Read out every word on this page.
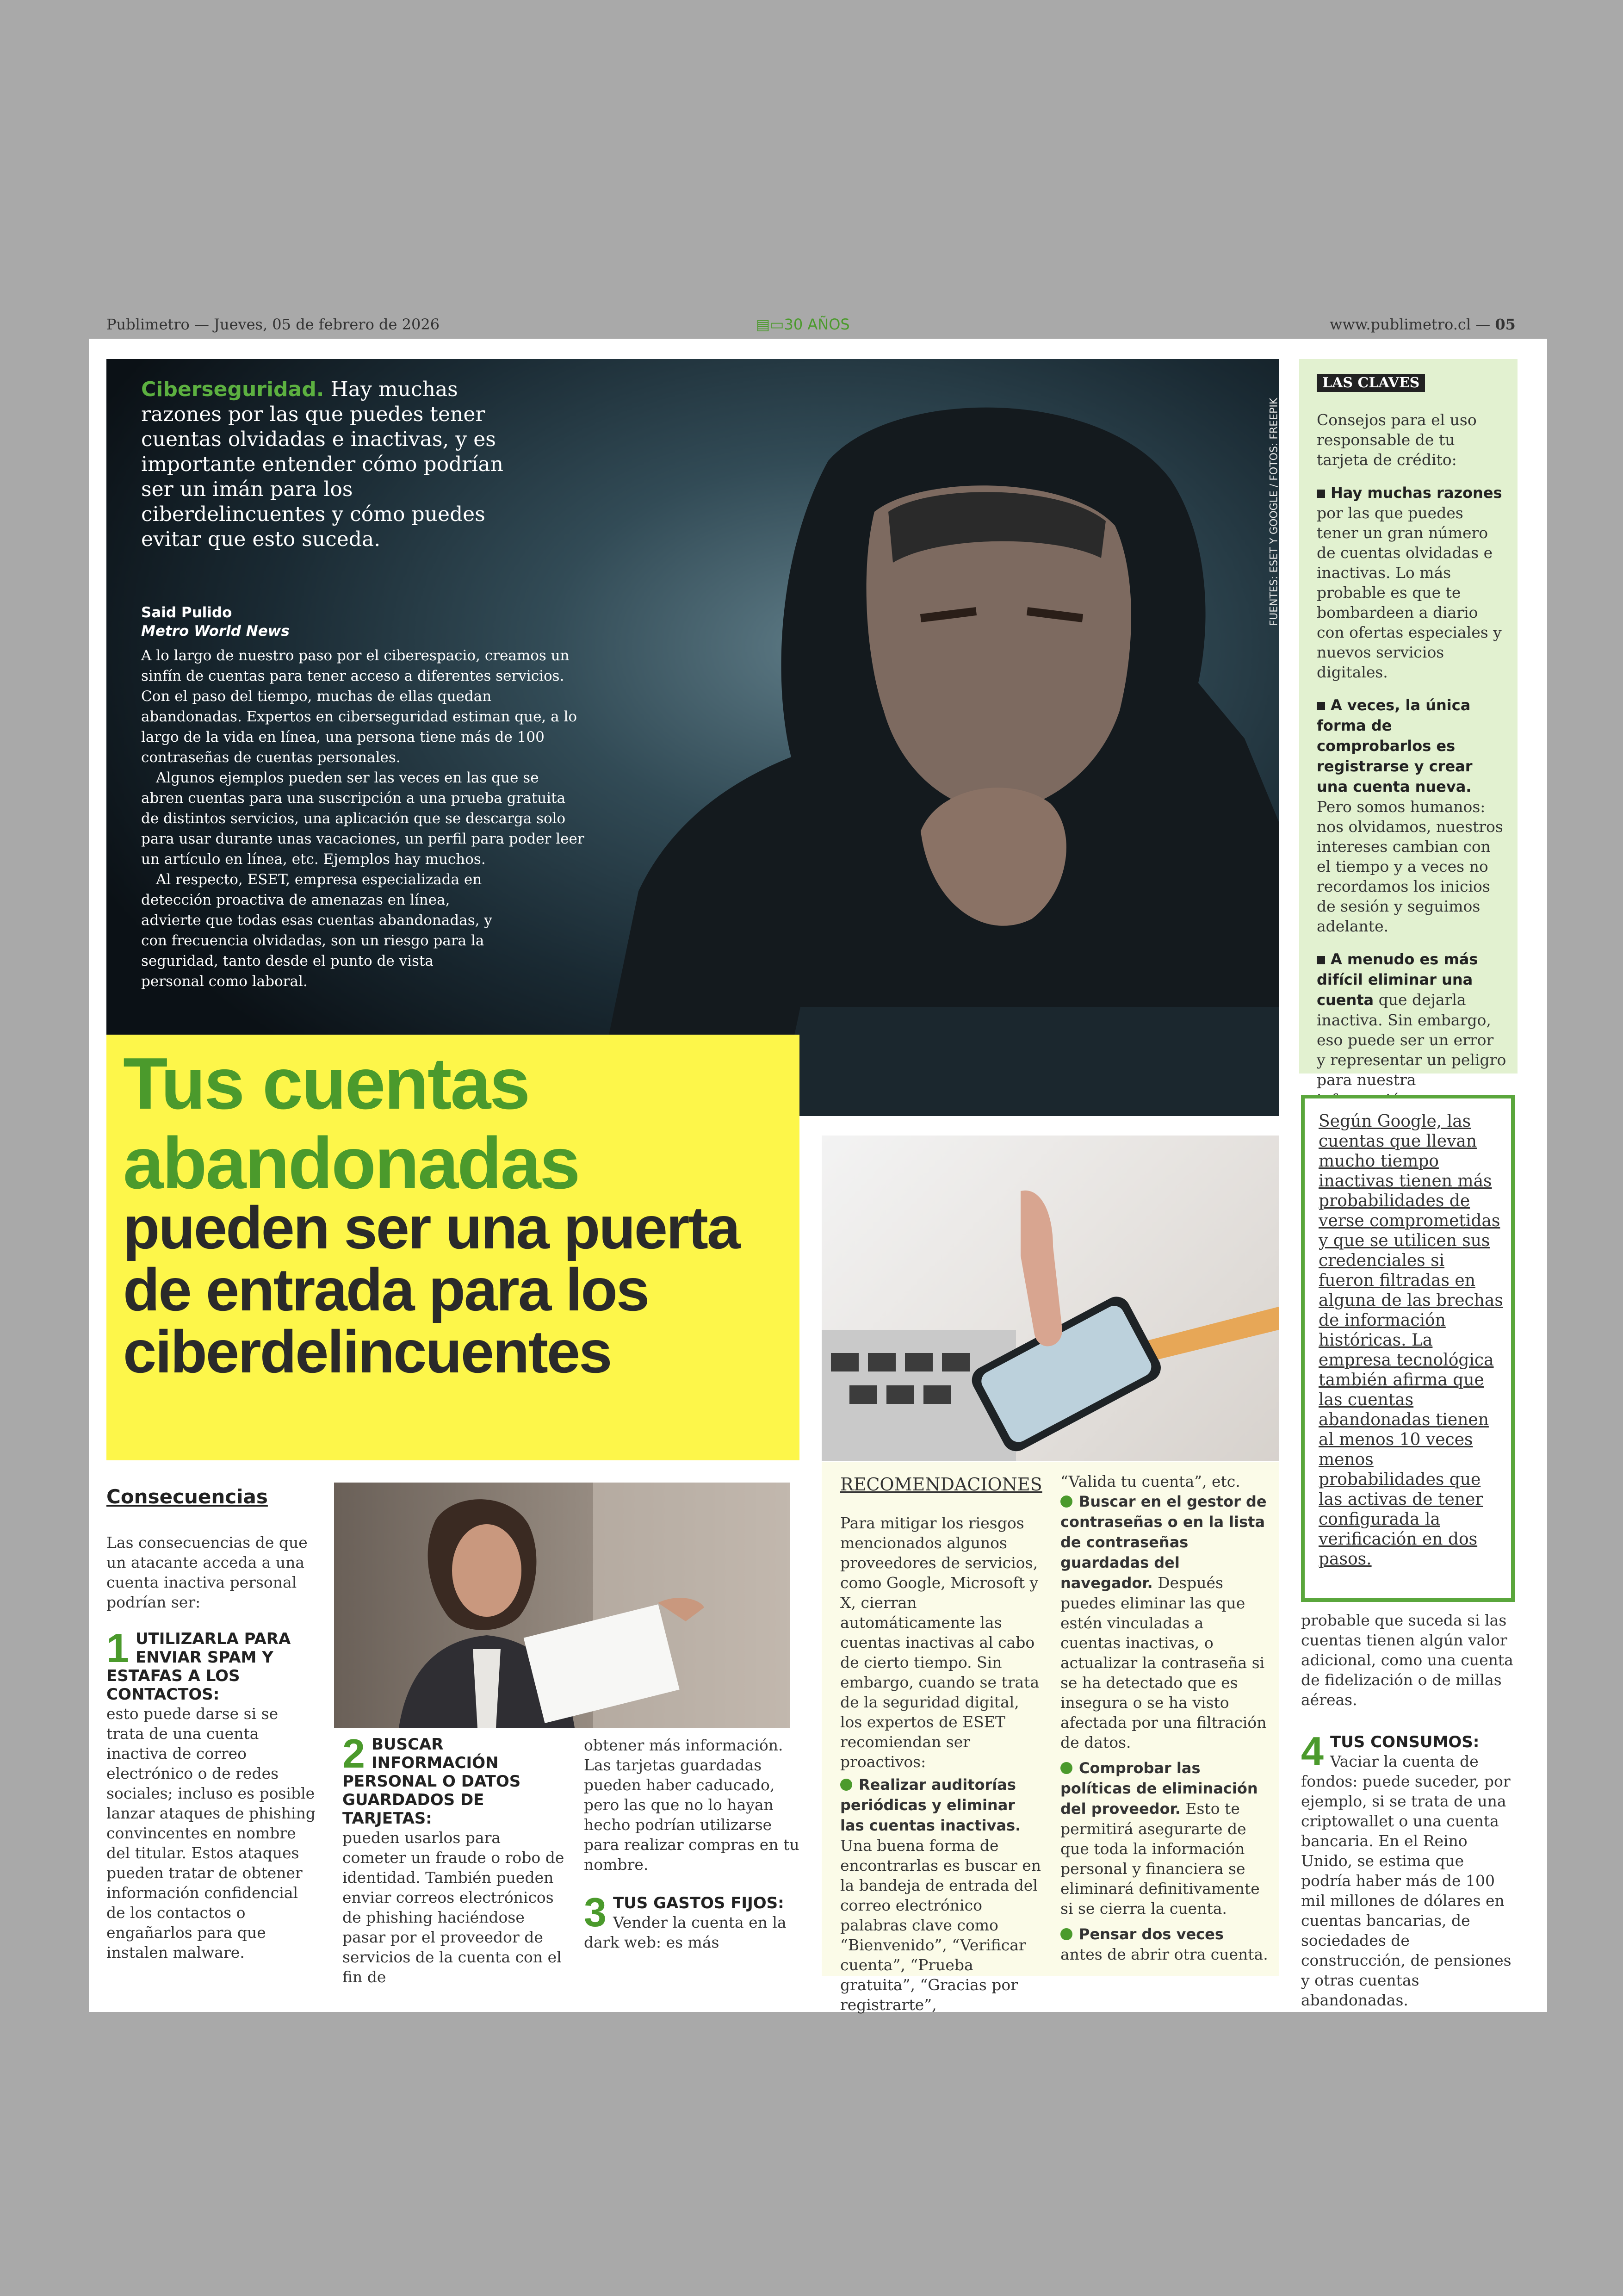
Publimetro — Jueves, 05 de febrero de 2026	▤▭30 AÑOS	www.publimetro.cl — 05
FUENTES: ESET Y GOOGLE / FOTOS: FREEPIK
Ciberseguridad. Hay muchas razones por las que puedes tener cuentas olvidadas e inactivas, y es importante entender cómo podrían ser un imán para los ciberdelincuentes y cómo puedes evitar que esto suceda.
Said Pulido
Metro World News

A lo largo de nuestro paso por el ciberespacio, creamos un sinfín de cuentas para tener acceso a diferentes servicios. Con el paso del tiempo, muchas de ellas quedan abandonadas. Expertos en ciberseguridad estiman que, a lo largo de la vida en línea, una persona tiene más de 100 contraseñas de cuentas personales.

Algunos ejemplos pueden ser las veces en las que se abren cuentas para una suscripción a una prueba gratuita de distintos servicios, una aplicación que se descarga solo para usar durante unas vacaciones, un perfil para poder leer un artículo en línea, etc. Ejemplos hay muchos.

Al respecto, ESET, empresa especializada en detección proactiva de amenazas en línea, advierte que todas esas cuentas abandonadas, y con frecuencia olvidadas, son un riesgo para la seguridad, tanto desde el punto de vista personal como laboral.

Tus cuentas
abandonadas
pueden ser una puerta de entrada para los ciberdelincuentes
LAS CLAVES

Consejos para el uso responsable de tu tarjeta de crédito:

Hay muchas razones por las que puedes tener un gran número de cuentas olvidadas e inactivas. Lo más probable es que te bombardeen a diario con ofertas especiales y nuevos servicios digitales.

A veces, la única forma de comprobarlos es registrarse y crear una cuenta nueva. Pero somos humanos: nos olvidamos, nuestros intereses cambian con el tiempo y a veces no recordamos los inicios de sesión y seguimos adelante.

A menudo es más difícil eliminar una cuenta que dejarla inactiva. Sin embargo, eso puede ser un error y representar un peligro para nuestra

Según Google, las cuentas que llevan mucho tiempo inactivas tienen más probabilidades de verse comprometidas y que se utilicen sus credenciales si fueron filtradas en alguna de las brechas de información históricas. La empresa tecnológica también afirma que las cuentas abandonadas tienen al menos 10 veces menos probabilidades que las activas de tener configurada la verificación en dos pasos.
Consecuencias

Las consecuencias de que un atacante acceda a una cuenta inactiva personal podrían ser:

1 UTILIZARLA PARA ENVIAR SPAM Y ESTAFAS A LOS CONTACTOS:

esto puede darse si se trata de una cuenta inactiva de correo electrónico o de redes sociales; incluso es posible lanzar ataques de phishing convincentes en nombre del titular. Estos ataques pueden tratar de obtener información confidencial de los contactos o engañarlos para que instalen malware.

2 BUSCAR INFORMACIÓN PERSONAL O DATOS GUARDADOS DE TARJETAS:

pueden usarlos para cometer un fraude o robo de identidad. También pueden enviar correos electrónicos de phishing haciéndose pasar por el proveedor de servicios de la cuenta con el fin de

obtener más información. Las tarjetas guardadas pueden haber caducado, pero las que no lo hayan hecho podrían utilizarse para realizar compras en tu nombre.

3 TUS GASTOS FIJOS:

Vender la cuenta en la dark web: es más

RECOMENDACIONES

Para mitigar los riesgos mencionados algunos proveedores de servicios, como Google, Microsoft y X, cierran automáticamente las cuentas inactivas al cabo de cierto tiempo. Sin embargo, cuando se trata de la seguridad digital, los expertos de ESET recomiendan ser proactivos:

Realizar auditorías periódicas y eliminar las cuentas inactivas. Una buena forma de encontrarlas es buscar en la bandeja de entrada del correo electrónico palabras clave como “Bienvenido”, “Verificar cuenta”, “Prueba gratuita”, “Gracias por registrarte”,

“Valida tu cuenta”, etc.

Buscar en el gestor de contraseñas o en la lista de contraseñas guardadas del navegador. Después puedes eliminar las que estén vinculadas a cuentas inactivas, o actualizar la contraseña si se ha detectado que es insegura o se ha visto afectada por una filtración de datos.

Comprobar las políticas de eliminación del proveedor. Esto te permitirá asegurarte de que toda la información personal y financiera se eliminará definitivamente si se cierra la cuenta.

Pensar dos veces antes de abrir otra cuenta.

probable que suceda si las cuentas tienen algún valor adicional, como una cuenta de fidelización o de millas aéreas.

4 TUS CONSUMOS:

Vaciar la cuenta de fondos: puede suceder, por ejemplo, si se trata de una criptowallet o una cuenta bancaria. En el Reino Unido, se estima que podría haber más de 100 mil millones de dólares en cuentas bancarias, de sociedades de construcción, de pensiones y otras cuentas abandonadas.
